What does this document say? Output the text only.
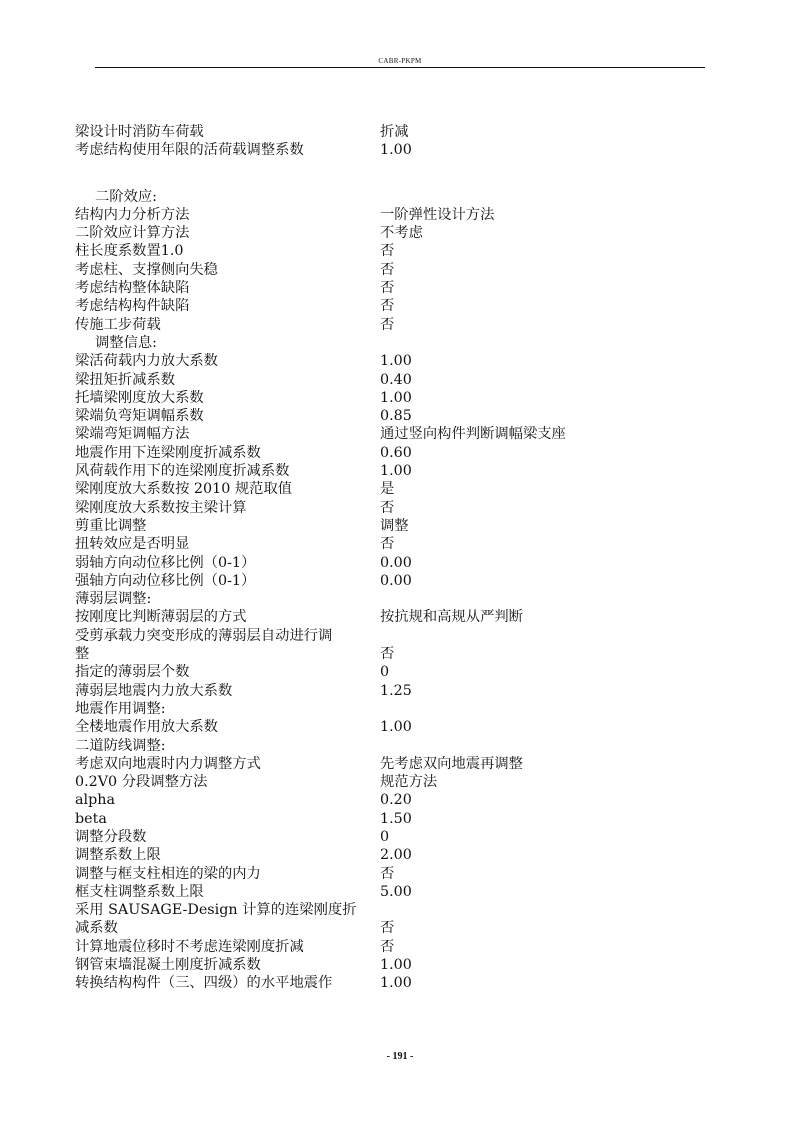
CABR-PKPM
梁设计时消防车荷载	折减
考虑结构使用年限的活荷载调整系数	1.00
二阶效应:
结构内力分析方法	一阶弹性设计方法
二阶效应计算方法	不考虑
柱长度系数置1.0	否
考虑柱、支撑侧向失稳	否
考虑结构整体缺陷	否
考虑结构构件缺陷	否
传施工步荷载	否
调整信息:
梁活荷载内力放大系数	1.00
梁扭矩折减系数	0.40
托墙梁刚度放大系数	1.00
梁端负弯矩调幅系数	0.85
梁端弯矩调幅方法	通过竖向构件判断调幅梁支座
地震作用下连梁刚度折减系数	0.60
风荷载作用下的连梁刚度折减系数	1.00
梁刚度放大系数按 2010 规范取值	是
梁刚度放大系数按主梁计算	否
剪重比调整	调整
扭转效应是否明显	否
弱轴方向动位移比例（0-1）	0.00
强轴方向动位移比例（0-1）	0.00
薄弱层调整:
按刚度比判断薄弱层的方式	按抗规和高规从严判断
受剪承载力突变形成的薄弱层自动进行调
整	否
指定的薄弱层个数	0
薄弱层地震内力放大系数	1.25
地震作用调整:
全楼地震作用放大系数	1.00
二道防线调整:
考虑双向地震时内力调整方式	先考虑双向地震再调整
0.2V0 分段调整方法	规范方法
alpha	0.20
beta	1.50
调整分段数	0
调整系数上限	2.00
调整与框支柱相连的梁的内力	否
框支柱调整系数上限	5.00
采用 SAUSAGE-Design 计算的连梁刚度折
减系数	否
计算地震位移时不考虑连梁刚度折减	否
钢管束墙混凝土刚度折减系数	1.00
转换结构构件（三、四级）的水平地震作	1.00
- 191 -
